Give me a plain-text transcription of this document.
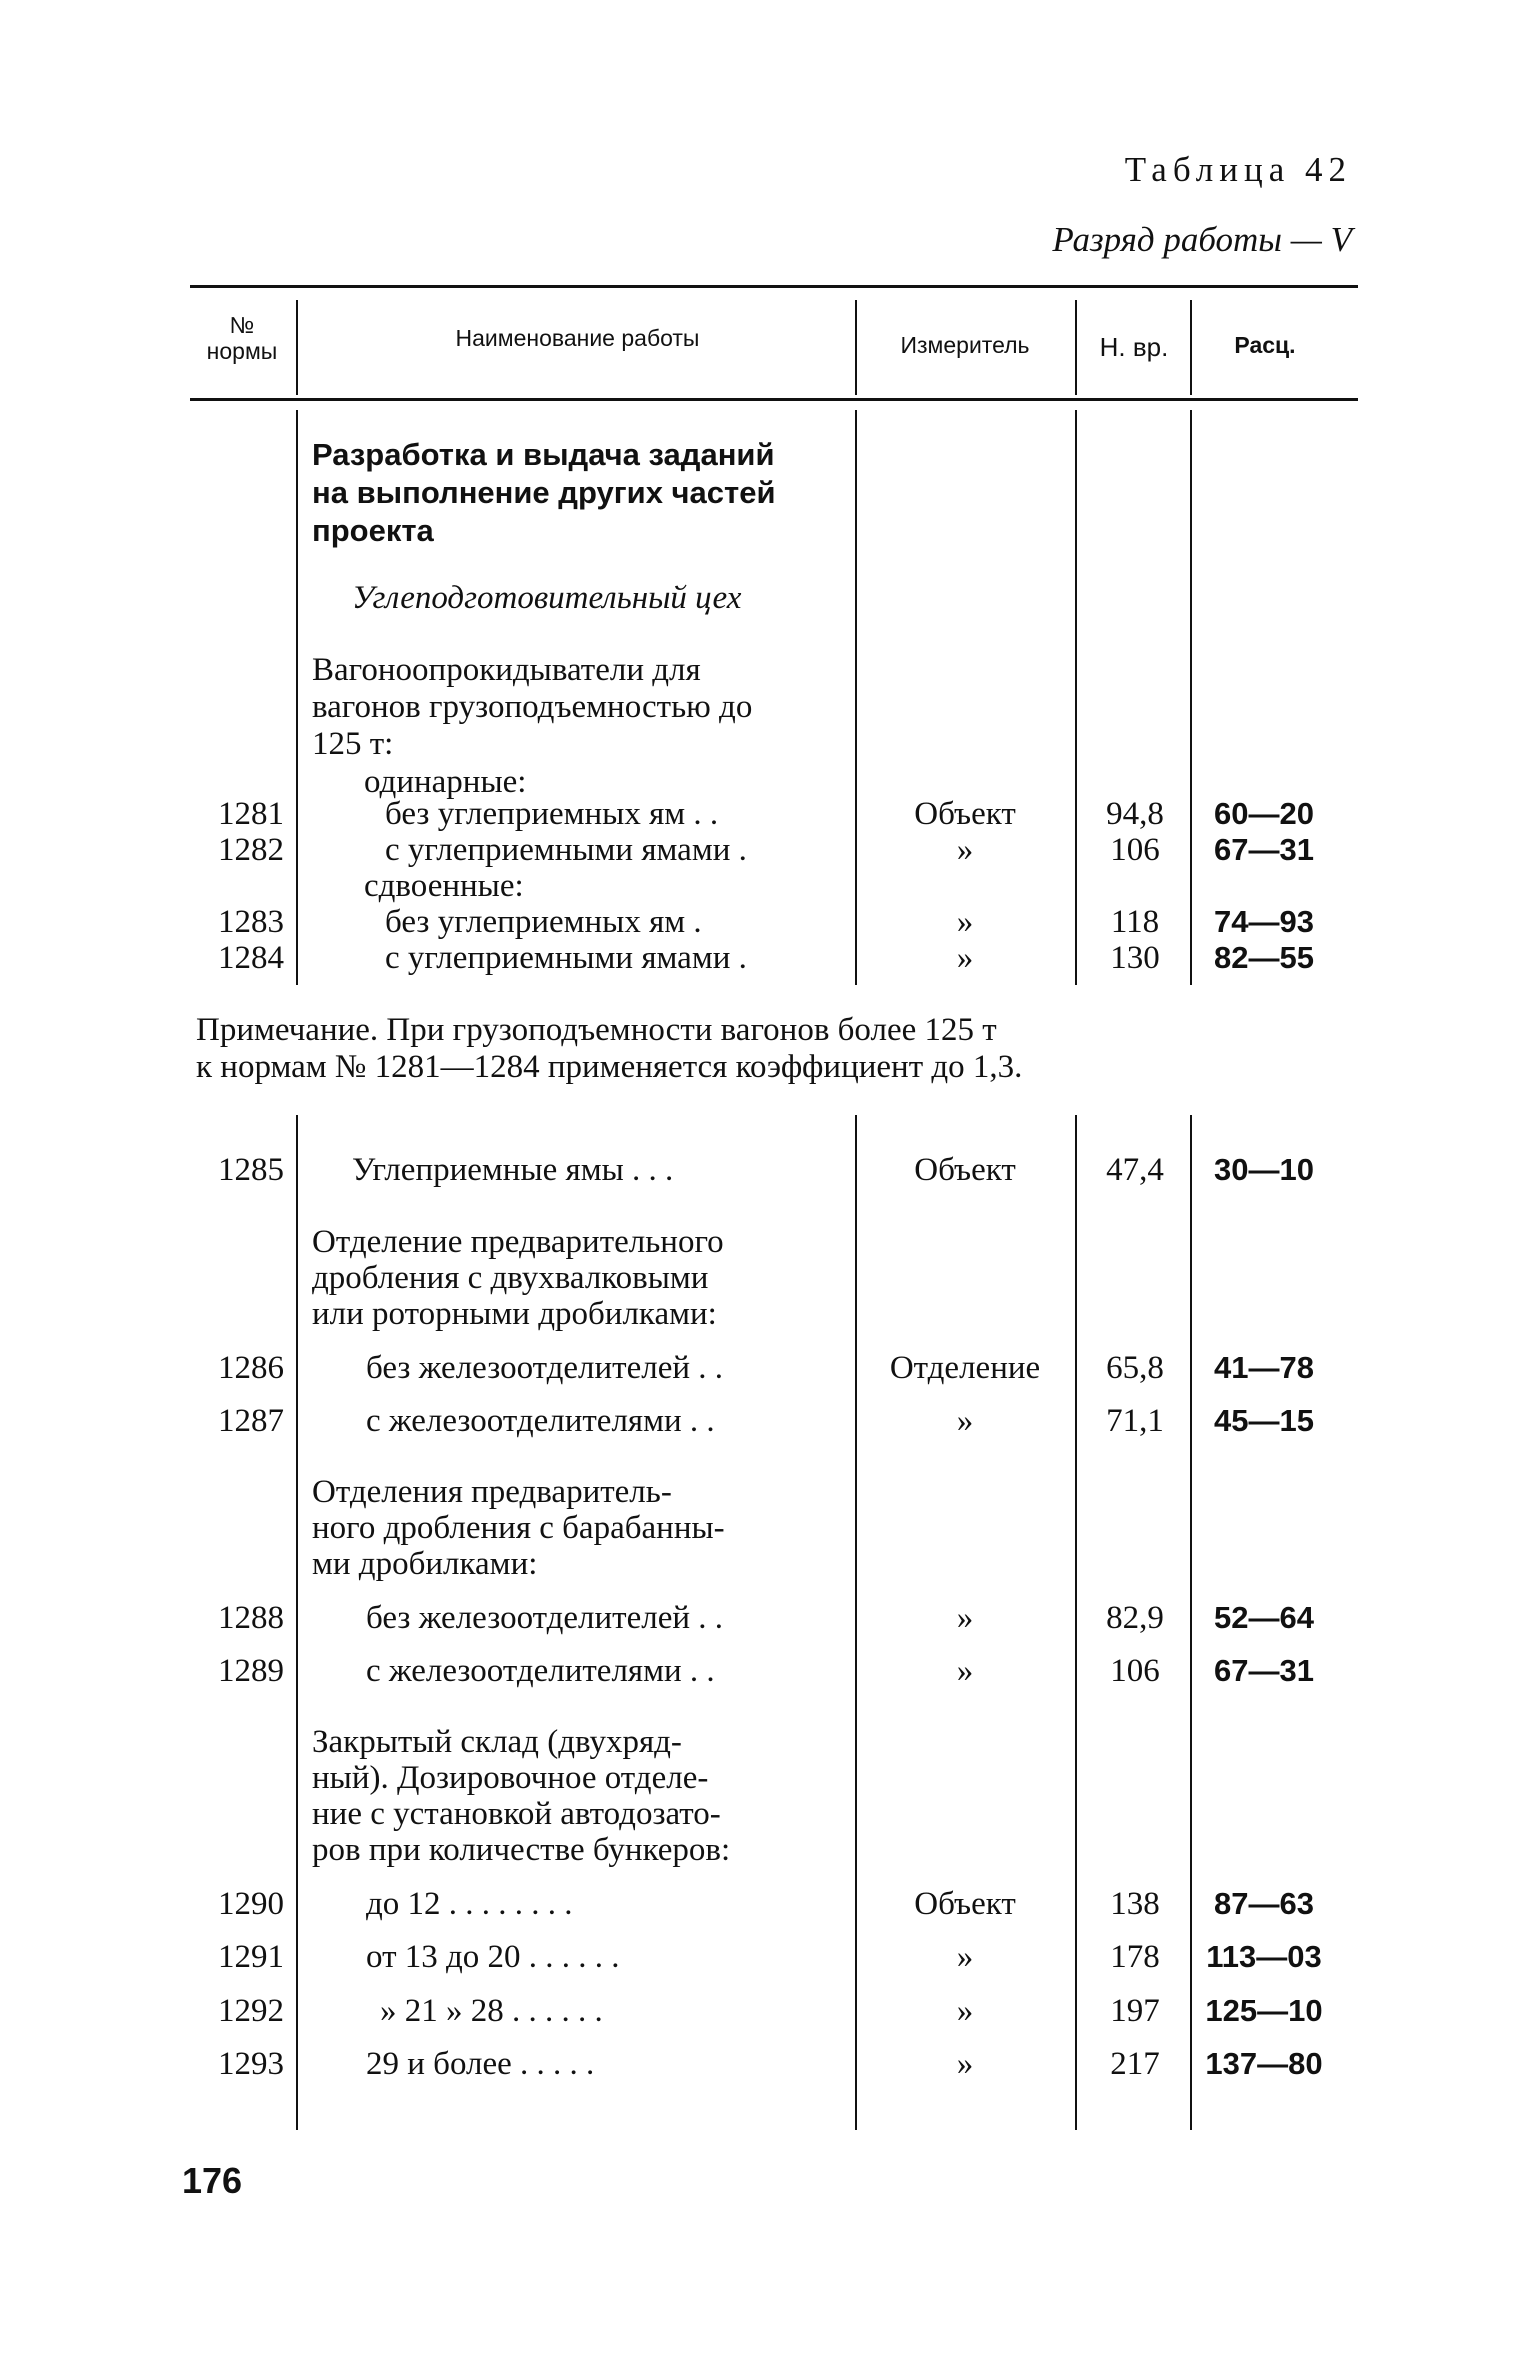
Таблица 42
Разряд работы — V
№
нормы	Наименование работы	Измеритель	Н. вр.	Расц.
Разработка и выдача заданий
на выполнение других частей
проекта
Углеподготовительный цех
Вагоноопрокидыватели для
вагонов грузоподъемностью до
125 т:
одинарные:
1281	без углеприемных ям . .	Объект	94,8	60—20
1282	с углеприемными ямами .	»	106	67—31
сдвоенные:
1283	без углеприемных ям .	»	118	74—93
1284	с углеприемными ямами .	»	130	82—55
Примечание. При грузоподъемности вагонов более 125 т
к нормам № 1281—1284 применяется коэффициент до 1,3.
1285 Углеприемные ямы . . .	Объект	47,4	30—10
Отделение предварительного
дробления с двухвалковыми
или роторными дробилками:
1286 без железоотделителей . .	Отделение	65,8	41—78
1287 с железоотделителями . .	»	71,1	45—15
Отделения предваритель-
ного дробления с барабанны-
ми дробилками:
1288 без железоотделителей . .	»	82,9	52—64
1289 с железоотделителями . .	»	106	67—31
Закрытый склад (двухряд-
ный). Дозировочное отделе-
ние с установкой автодозато-
ров при количестве бункеров:
1290 до 12 . . . . . . . .	Объект	138	87—63
1291 от 13 до 20 . . . . . .	»	178	113—03
1292	» 21 » 28 . . . . . .	»	197	125—10
1293 29 и более . . . . .	»	217	137—80
176
